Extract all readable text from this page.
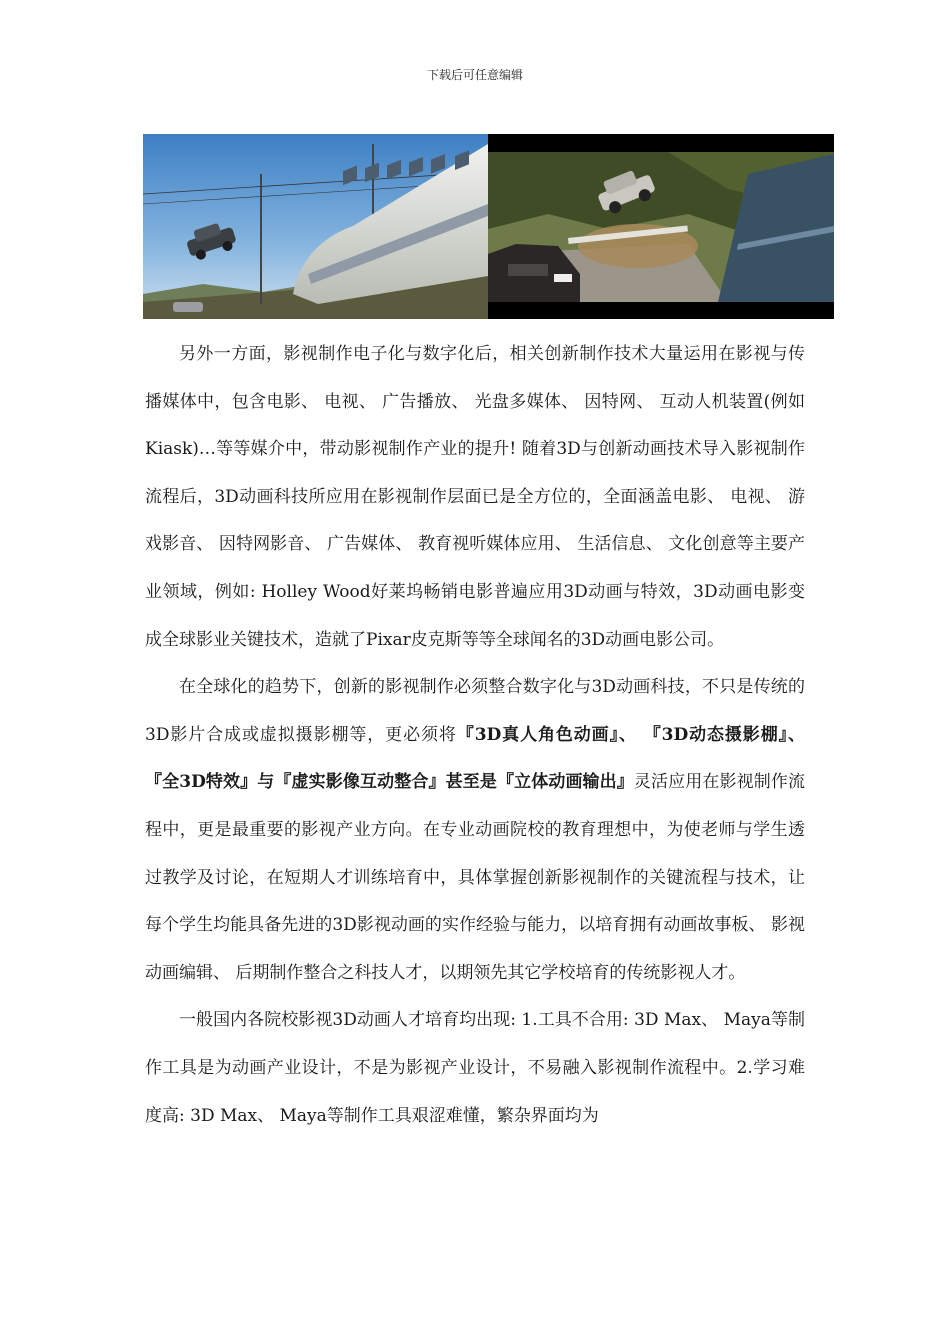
下载后可任意编辑

另外一方面，影视制作电子化与数字化后，相关创新制作技术大量运用在影视与传播媒体中，包含电影、 电视、 广告播放、 光盘多媒体、 因特网、 互动人机装置(例如Kiask)…等等媒介中，带动影视制作产业的提升! 随着3D与创新动画技术导入影视制作流程后，3D动画科技所应用在影视制作层面已是全方位的，全面涵盖电影、 电视、 游戏影音、 因特网影音、 广告媒体、 教育视听媒体应用、 生活信息、 文化创意等主要产业领域，例如: Holley Wood好莱坞畅销电影普遍应用3D动画与特效，3D动画电影变成全球影业关键技术，造就了Pixar皮克斯等等全球闻名的3D动画电影公司。

在全球化的趋势下，创新的影视制作必须整合数字化与3D动画科技，不只是传统的3D影片合成或虚拟摄影棚等，更必须将『3D真人角色动画』、 『3D动态摄影棚』、 『全3D特效』与『虚实影像互动整合』甚至是『立体动画输出』灵活应用在影视制作流程中，更是最重要的影视产业方向。在专业动画院校的教育理想中，为使老师与学生透过教学及讨论，在短期人才训练培育中，具体掌握创新影视制作的关键流程与技术，让每个学生均能具备先进的3D影视动画的实作经验与能力，以培育拥有动画故事板、 影视动画编辑、 后期制作整合之科技人才，以期领先其它学校培育的传统影视人才。

一般国内各院校影视3D动画人才培育均出现: 1.工具不合用: 3D Max、 Maya等制作工具是为动画产业设计，不是为影视产业设计，不易融入影视制作流程中。2.学习难度高: 3D Max、 Maya等制作工具艰涩难懂，繁杂界面均为
